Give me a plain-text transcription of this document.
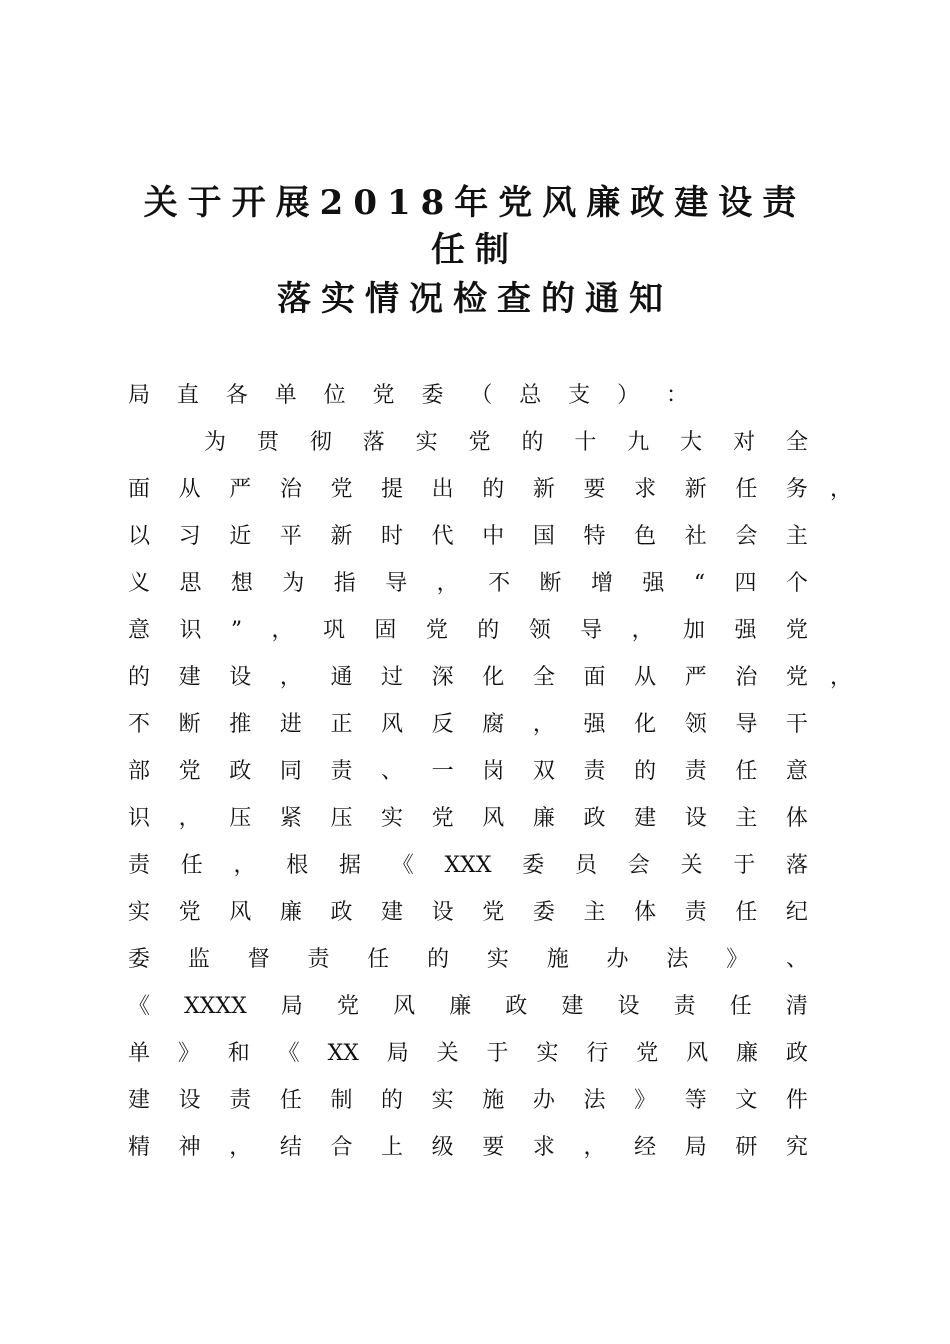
关于开展2018年党风廉政建设责
任制
落实情况检查的通知
局 直 各 单 位 党 委 （ 总 支 ） ：
为 贯 彻 落 实 党 的 十 九 大 对 全
面 从 严 治 党 提 出 的 新 要 求 新 任 务 ，
以 习 近 平 新 时 代 中 国 特 色 社 会 主
义 思 想 为 指 导 ， 不 断 增 强 “ 四 个
意 识 ” ， 巩 固 党 的 领 导 ， 加 强 党
的 建 设 ， 通 过 深 化 全 面 从 严 治 党 ，
不 断 推 进 正 风 反 腐 ， 强 化 领 导 干
部 党 政 同 责 、 一 岗 双 责 的 责 任 意
识 ， 压 紧 压 实 党 风 廉 政 建 设 主 体
责 任 ， 根 据 《 XXX 委 员 会 关 于 落
实 党 风 廉 政 建 设 党 委 主 体 责 任 纪
委 监 督 责 任 的 实 施 办 法 》 、
《 XXXX 局 党 风 廉 政 建 设 责 任 清
单 》 和 《 XX 局 关 于 实 行 党 风 廉 政
建 设 责 任 制 的 实 施 办 法 》 等 文 件
精 神 ， 结 合 上 级 要 求 ， 经 局 研 究
